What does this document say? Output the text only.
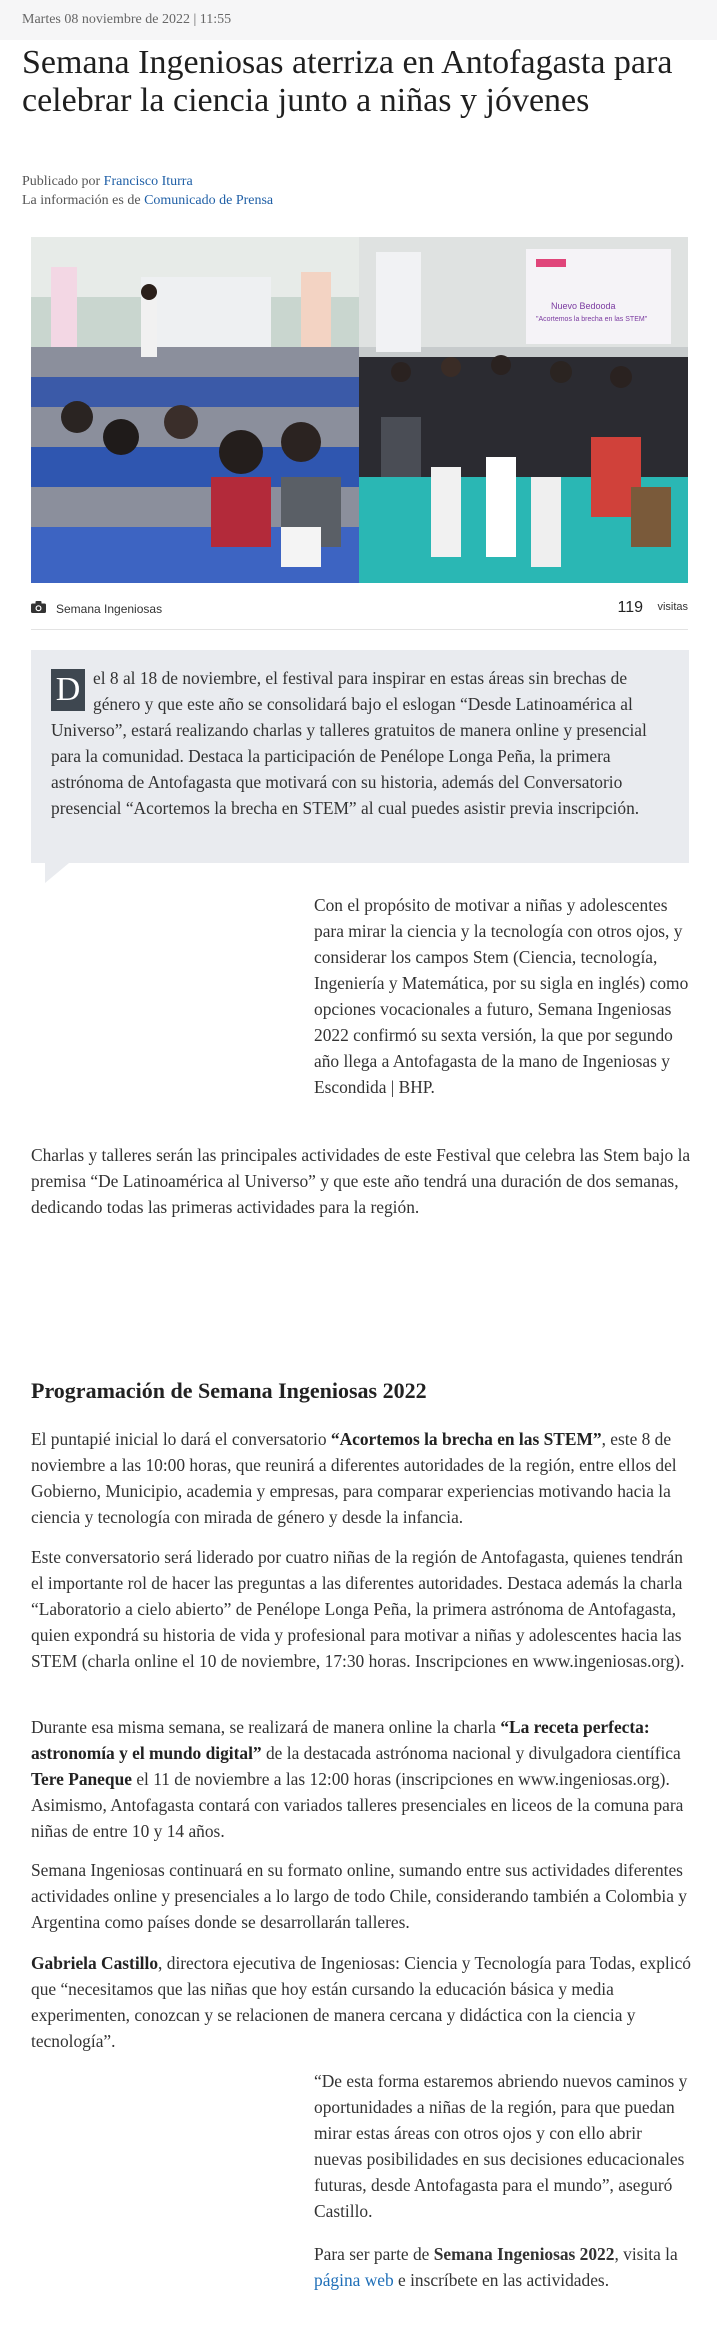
Martes 08 noviembre de 2022 | 11:55
Semana Ingeniosas aterriza en Antofagasta para celebrar la ciencia junto a niñas y jóvenes
Publicado por Francisco Iturra
La información es de Comunicado de Prensa
Nuevo Bedooda
"Acortemos la brecha en las STEM"
Semana Ingeniosas	119 visitas
D el 8 al 18 de noviembre, el festival para inspirar en estas áreas sin brechas de género y que este año se consolidará bajo el eslogan “Desde Latinoamérica al Universo”, estará realizando charlas y talleres gratuitos de manera online y presencial para la comunidad. Destaca la participación de Penélope Longa Peña, la primera astrónoma de Antofagasta que motivará con su historia, además del Conversatorio presencial “Acortemos la brecha en STEM” al cual puedes asistir previa inscripción.
Con el propósito de motivar a niñas y adolescentes para mirar la ciencia y la tecnología con otros ojos, y considerar los campos Stem (Ciencia, tecnología, Ingeniería y Matemática, por su sigla en inglés) como opciones vocacionales a futuro, Semana Ingeniosas 2022 confirmó su sexta versión, la que por segundo año llega a Antofagasta de la mano de Ingeniosas y Escondida | BHP.
Charlas y talleres serán las principales actividades de este Festival que celebra las Stem bajo la premisa “De Latinoamérica al Universo” y que este año tendrá una duración de dos semanas, dedicando todas las primeras actividades para la región.
Programación de Semana Ingeniosas 2022
El puntapié inicial lo dará el conversatorio “Acortemos la brecha en las STEM”, este 8 de noviembre a las 10:00 horas, que reunirá a diferentes autoridades de la región, entre ellos del Gobierno, Municipio, academia y empresas, para comparar experiencias motivando hacia la ciencia y tecnología con mirada de género y desde la infancia.
Este conversatorio será liderado por cuatro niñas de la región de Antofagasta, quienes tendrán el importante rol de hacer las preguntas a las diferentes autoridades. Destaca además la charla “Laboratorio a cielo abierto” de Penélope Longa Peña, la primera astrónoma de Antofagasta, quien expondrá su historia de vida y profesional para motivar a niñas y adolescentes hacia las STEM (charla online el 10 de noviembre, 17:30 horas. Inscripciones en www.ingeniosas.org).
Durante esa misma semana, se realizará de manera online la charla “La receta perfecta: astronomía y el mundo digital” de la destacada astrónoma nacional y divulgadora científica Tere Paneque el 11 de noviembre a las 12:00 horas (inscripciones en www.ingeniosas.org). Asimismo, Antofagasta contará con variados talleres presenciales en liceos de la comuna para niñas de entre 10 y 14 años.
Semana Ingeniosas continuará en su formato online, sumando entre sus actividades diferentes actividades online y presenciales a lo largo de todo Chile, considerando también a Colombia y Argentina como países donde se desarrollarán talleres.
Gabriela Castillo, directora ejecutiva de Ingeniosas: Ciencia y Tecnología para Todas, explicó que “necesitamos que las niñas que hoy están cursando la educación básica y media experimenten, conozcan y se relacionen de manera cercana y didáctica con la ciencia y tecnología”.
“De esta forma estaremos abriendo nuevos caminos y oportunidades a niñas de la región, para que puedan mirar estas áreas con otros ojos y con ello abrir nuevas posibilidades en sus decisiones educacionales futuras, desde Antofagasta para el mundo”, aseguró Castillo.
Para ser parte de Semana Ingeniosas 2022, visita la página web e inscríbete en las actividades.
